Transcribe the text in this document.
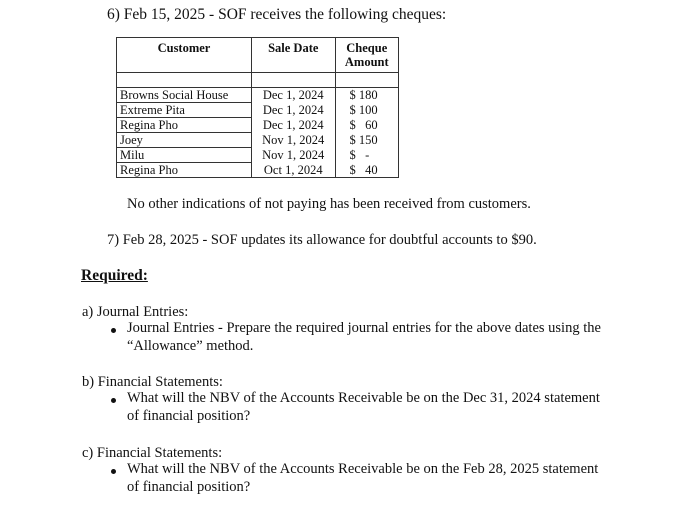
6) Feb 15, 2025 - SOF receives the following cheques:
Customer	Sale Date	Cheque Amount

Browns Social House	Dec 1, 2024	$ 180
Extreme Pita	Dec 1, 2024	$ 100
Regina Pho	Dec 1, 2024	$   60
Joey	Nov 1, 2024	$ 150
Milu	Nov 1, 2024	$   -
Regina Pho	Oct 1, 2024	$   40
No other indications of not paying has been received from customers.
7) Feb 28, 2025 - SOF updates its allowance for doubtful accounts to $90.
Required:
a) Journal Entries:
Journal Entries - Prepare the required journal entries for the above dates using the
“Allowance” method.
b) Financial Statements:
What will the NBV of the Accounts Receivable be on the Dec 31, 2024 statement
of financial position?
c) Financial Statements:
What will the NBV of the Accounts Receivable be on the Feb 28, 2025 statement
of financial position?
